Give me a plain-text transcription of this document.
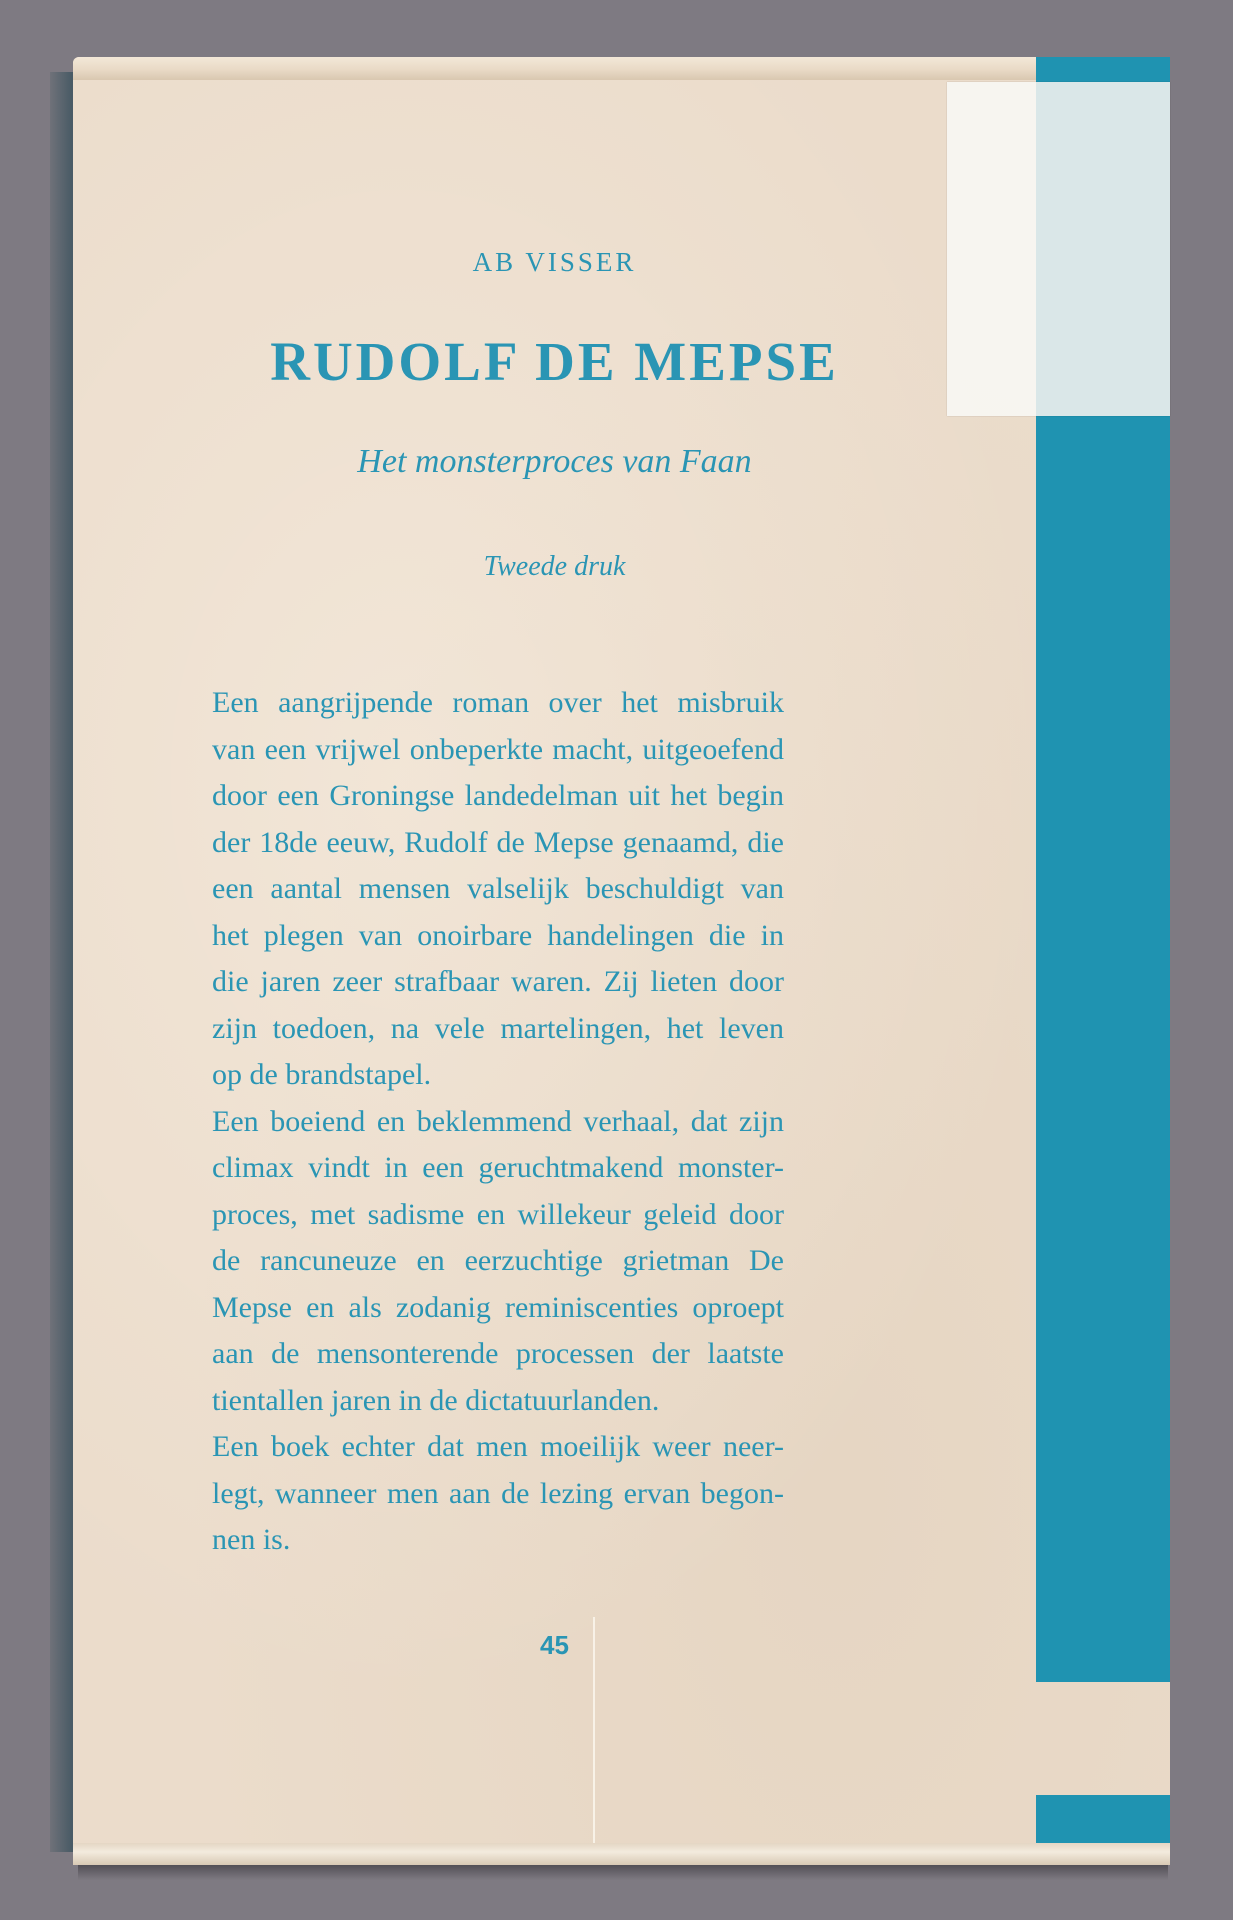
AB VISSER
RUDOLF DE MEPSE
Het monsterproces van Faan
Tweede druk
Een aangrijpende roman over het misbruik
van een vrijwel onbeperkte macht, uitgeoefend
door een Groningse landedelman uit het begin
der 18de eeuw, Rudolf de Mepse genaamd, die
een aantal mensen valselijk beschuldigt van
het plegen van onoirbare handelingen die in
die jaren zeer strafbaar waren. Zij lieten door
zijn toedoen, na vele martelingen, het leven
op de brandstapel.
Een boeiend en beklemmend verhaal, dat zijn
climax vindt in een geruchtmakend monster-
proces, met sadisme en willekeur geleid door
de rancuneuze en eerzuchtige grietman De
Mepse en als zodanig reminiscenties oproept
aan de mensonterende processen der laatste
tientallen jaren in de dictatuurlanden.
Een boek echter dat men moeilijk weer neer-
legt, wanneer men aan de lezing ervan begon-
nen is.
45
